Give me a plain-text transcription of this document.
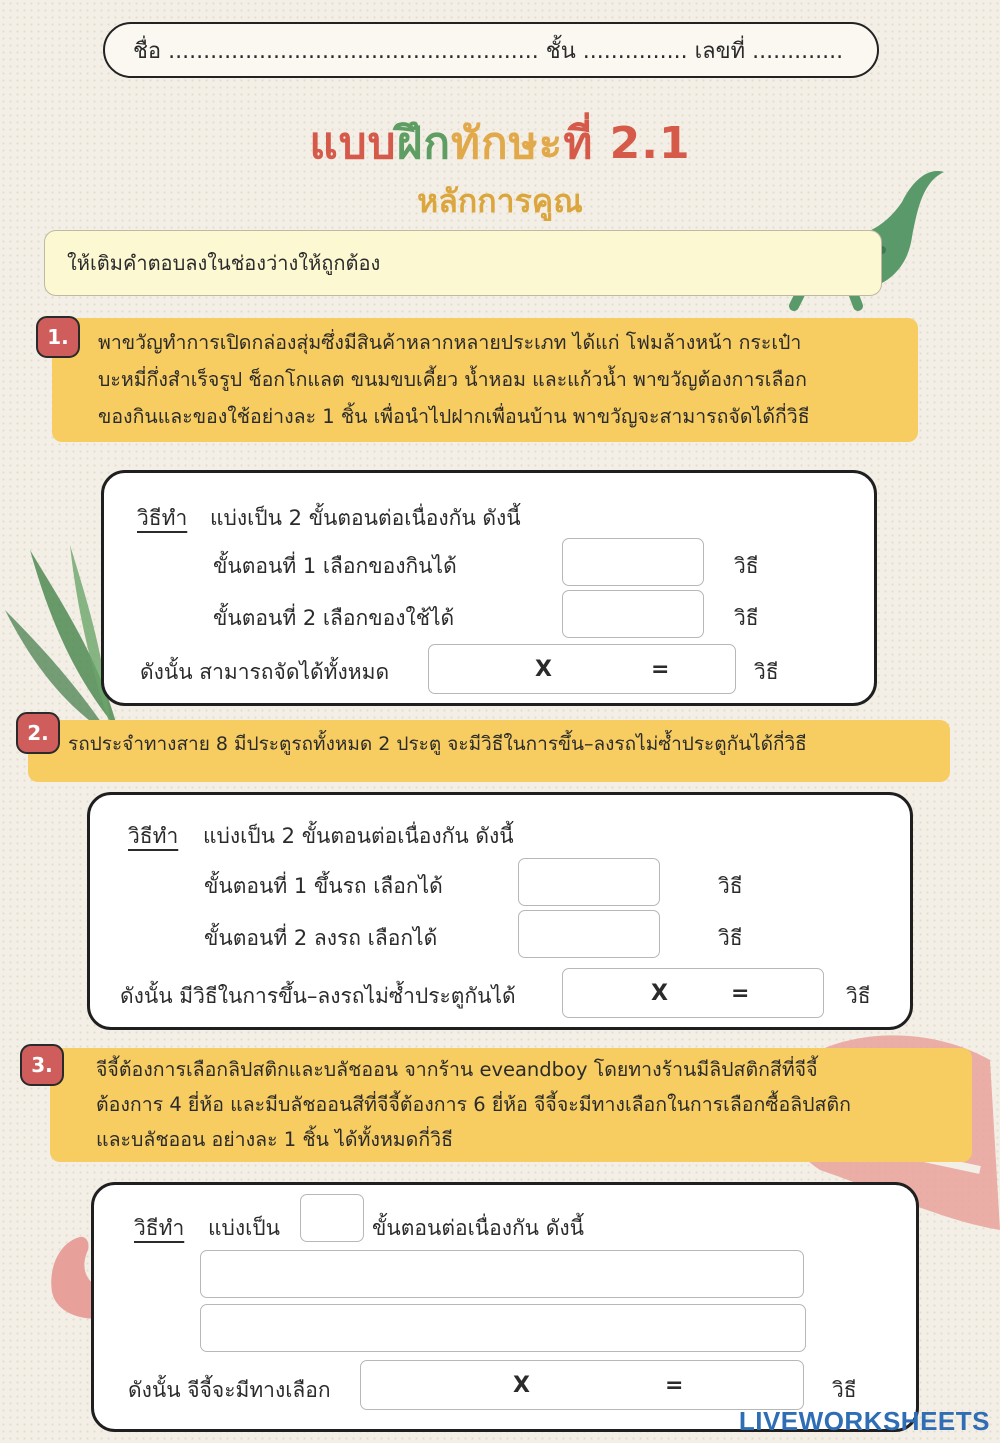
ชื่อ ..................................................... ชั้น ............... เลขที่ .............
แบบฝึกทักษะที่ 2.1
หลักการคูณ
ให้เติมคำตอบลงในช่องว่างให้ถูกต้อง

พาขวัญทำการเปิดกล่องสุ่มซึ่งมีสินค้าหลากหลายประเภท ได้แก่ โฟมล้างหน้า กระเป๋า

บะหมี่กึ่งสำเร็จรูป ช็อกโกแลต ขนมขบเคี้ยว น้ำหอม และแก้วน้ำ พาขวัญต้องการเลือก

ของกินและของใช้อย่างละ 1 ชิ้น เพื่อนำไปฝากเพื่อนบ้าน พาขวัญจะสามารถจัดได้กี่วิธี

1.
วิธีทำ แบ่งเป็น 2 ขั้นตอนต่อเนื่องกัน ดังนี้
ขั้นตอนที่ 1 เลือกของกินได้	วิธี
ขั้นตอนที่ 2 เลือกของใช้ได้	วิธี
ดังนั้น สามารถจัดได้ทั้งหมด	X	=	วิธี

รถประจำทางสาย 8 มีประตูรถทั้งหมด 2 ประตู จะมีวิธีในการขึ้น–ลงรถไม่ซ้ำประตูกันได้กี่วิธี

2.
วิธีทำ แบ่งเป็น 2 ขั้นตอนต่อเนื่องกัน ดังนี้
ขั้นตอนที่ 1 ขึ้นรถ เลือกได้	วิธี
ขั้นตอนที่ 2 ลงรถ เลือกได้	วิธี
ดังนั้น มีวิธีในการขึ้น–ลงรถไม่ซ้ำประตูกันได้	X	=	วิธี

จีจี้ต้องการเลือกลิปสติกและบลัชออน จากร้าน eveandboy โดยทางร้านมีลิปสติกสีที่จีจี้

ต้องการ 4 ยี่ห้อ และมีบลัชออนสีที่จีจี้ต้องการ 6 ยี่ห้อ จีจี้จะมีทางเลือกในการเลือกซื้อลิปสติก

และบลัชออน อย่างละ 1 ชิ้น ได้ทั้งหมดกี่วิธี

3.
วิธีทำ แบ่งเป็น	ขั้นตอนต่อเนื่องกัน ดังนี้
ดังนั้น จีจี้จะมีทางเลือก	X	=	วิธี
LIVEWORKSHEETS
